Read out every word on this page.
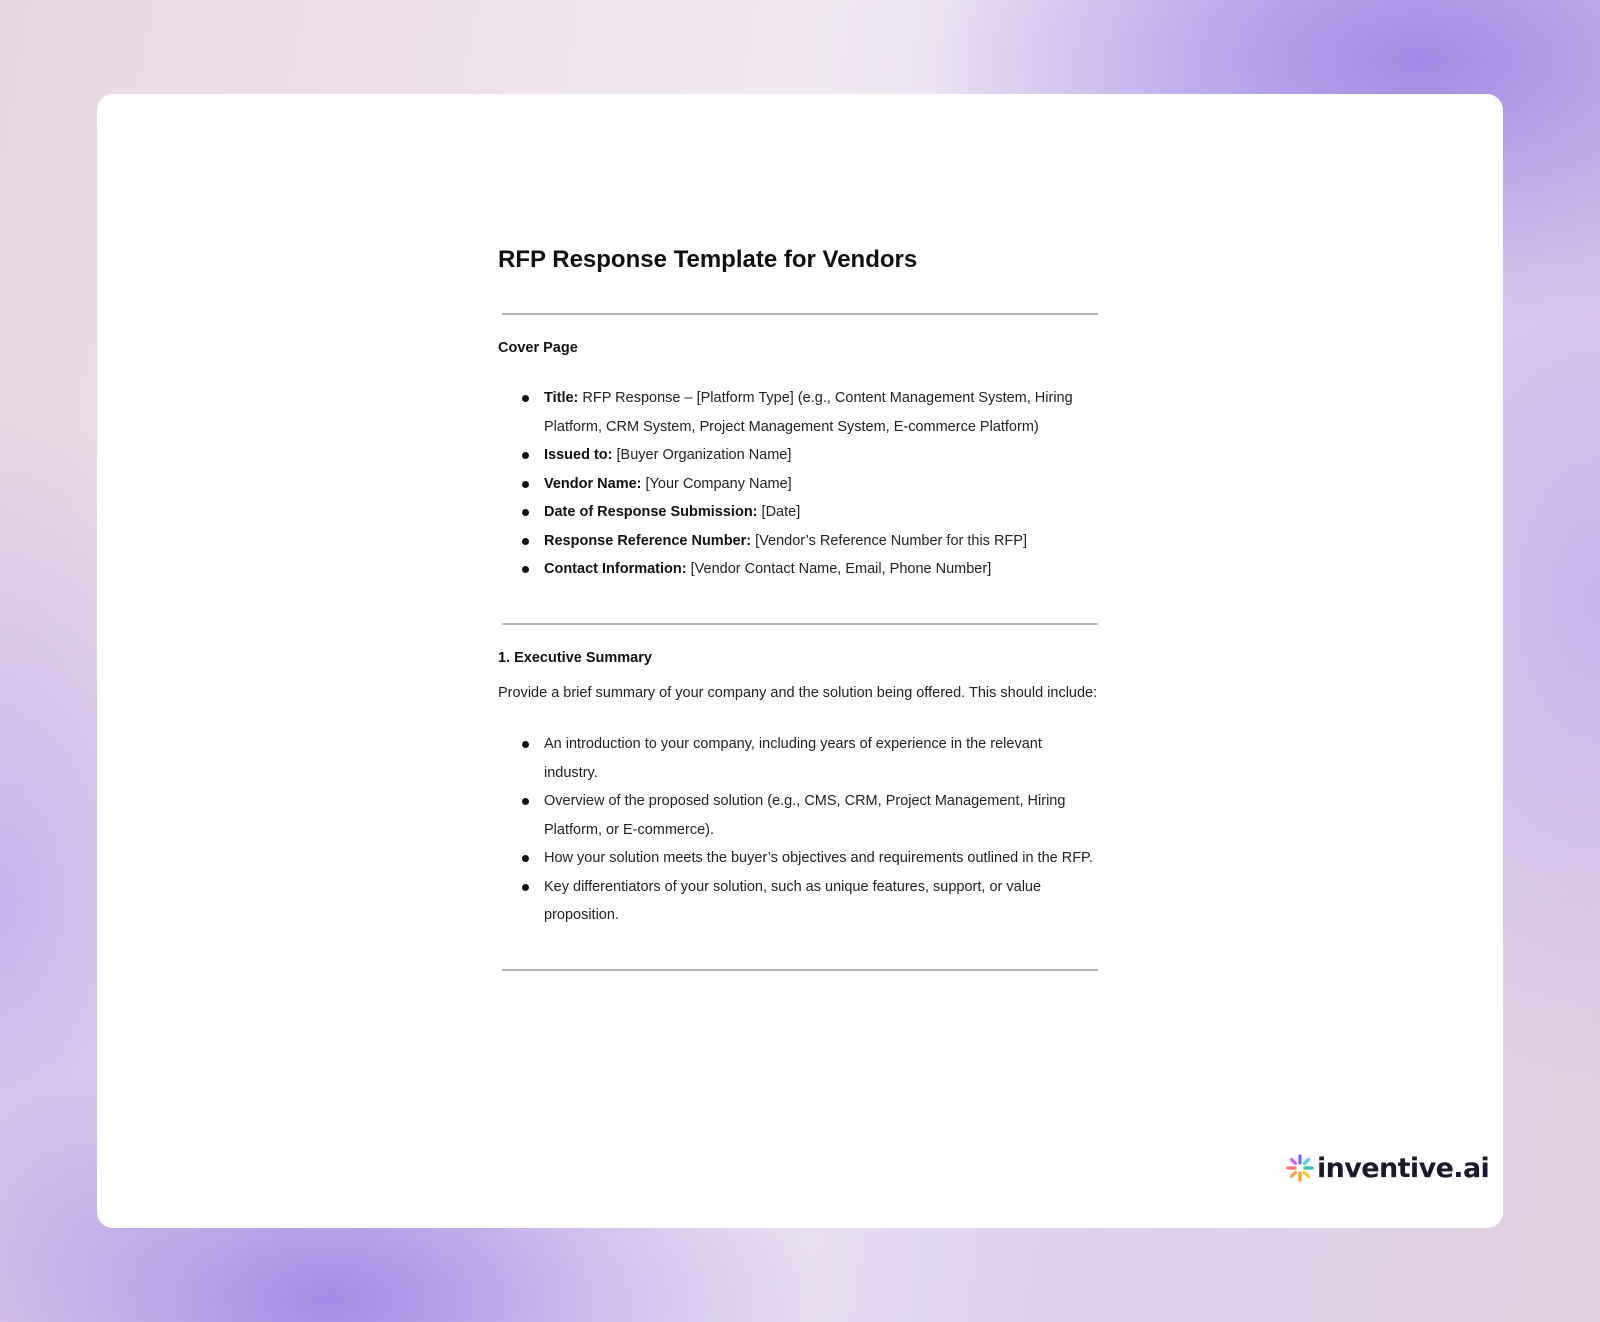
RFP Response Template for Vendors
Cover Page
Title: RFP Response – [Platform Type] (e.g., Content Management System, Hiring Platform, CRM System, Project Management System, E-commerce Platform)
Issued to: [Buyer Organization Name]
Vendor Name: [Your Company Name]
Date of Response Submission: [Date]
Response Reference Number: [Vendor’s Reference Number for this RFP]
Contact Information: [Vendor Contact Name, Email, Phone Number]
1. Executive Summary

Provide a brief summary of your company and the solution being offered. This should include:

An introduction to your company, including years of experience in the relevant industry.
Overview of the proposed solution (e.g., CMS, CRM, Project Management, Hiring Platform, or E-commerce).
How your solution meets the buyer’s objectives and requirements outlined in the RFP.
Key differentiators of your solution, such as unique features, support, or value proposition.
inventive.ai
